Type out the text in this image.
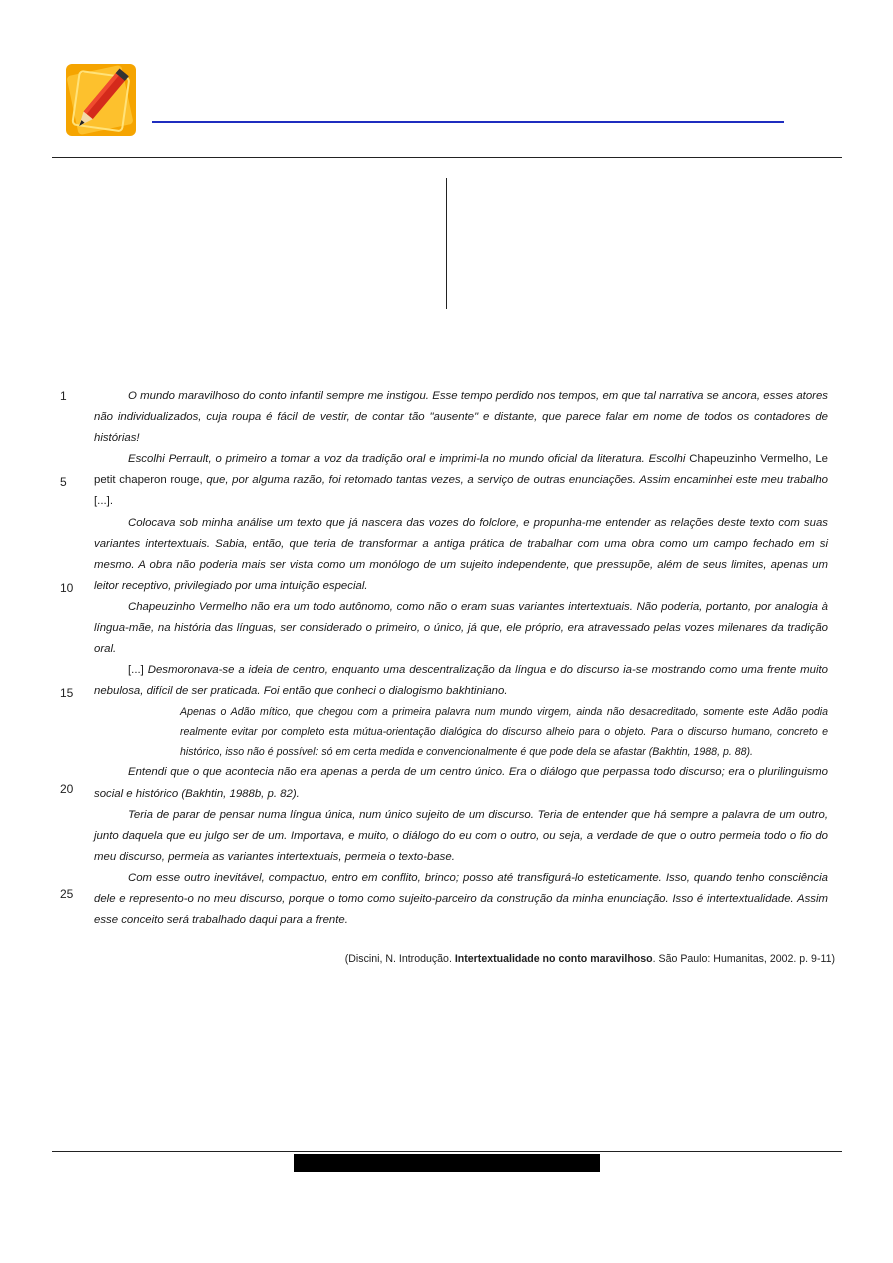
1
5
10
15
20
25

O mundo maravilhoso do conto infantil sempre me instigou. Esse tempo perdido nos tempos, em que tal narrativa se ancora, esses atores não individualizados, cuja roupa é fácil de vestir, de contar tão "ausente" e distante, que parece falar em nome de todos os contadores de histórias!

Escolhi Perrault, o primeiro a tomar a voz da tradição oral e imprimi-la no mundo oficial da literatura. Escolhi Chapeuzinho Vermelho, Le petit chaperon rouge, que, por alguma razão, foi retomado tantas vezes, a serviço de outras enunciações. Assim encaminhei este meu trabalho [...].

Colocava sob minha análise um texto que já nascera das vozes do folclore, e propunha-me entender as relações deste texto com suas variantes intertextuais. Sabia, então, que teria de transformar a antiga prática de trabalhar com uma obra como um campo fechado em si mesmo. A obra não poderia mais ser vista como um monólogo de um sujeito independente, que pressupõe, além de seus limites, apenas um leitor receptivo, privilegiado por uma intuição especial.

Chapeuzinho Vermelho não era um todo autônomo, como não o eram suas variantes intertextuais. Não poderia, portanto, por analogia à língua-mãe, na história das línguas, ser considerado o primeiro, o único, já que, ele próprio, era atravessado pelas vozes milenares da tradição oral.

[...] Desmoronava-se a ideia de centro, enquanto uma descentralização da língua e do discurso ia-se mostrando como uma frente muito nebulosa, difícil de ser praticada. Foi então que conheci o dialogismo bakhtiniano.

Apenas o Adão mítico, que chegou com a primeira palavra num mundo virgem, ainda não desacreditado, somente este Adão podia realmente evitar por completo esta mútua-orientação dialógica do discurso alheio para o objeto. Para o discurso humano, concreto e histórico, isso não é possível: só em certa medida e convencionalmente é que pode dela se afastar (Bakhtin, 1988, p. 88).

Entendi que o que acontecia não era apenas a perda de um centro único. Era o diálogo que perpassa todo discurso; era o plurilinguismo social e histórico (Bakhtin, 1988b, p. 82).

Teria de parar de pensar numa língua única, num único sujeito de um discurso. Teria de entender que há sempre a palavra de um outro, junto daquela que eu julgo ser de um. Importava, e muito, o diálogo do eu com o outro, ou seja, a verdade de que o outro permeia todo o fio do meu discurso, permeia as variantes intertextuais, permeia o texto-base.

Com esse outro inevitável, compactuo, entro em conflito, brinco; posso até transfigurá-lo esteticamente. Isso, quando tenho consciência dele e represento-o no meu discurso, porque o tomo como sujeito-parceiro da construção da minha enunciação. Isso é intertextualidade. Assim esse conceito será trabalhado daqui para a frente.

(Discini, N. Introdução. Intertextualidade no conto maravilhoso. São Paulo: Humanitas, 2002. p. 9-11)
